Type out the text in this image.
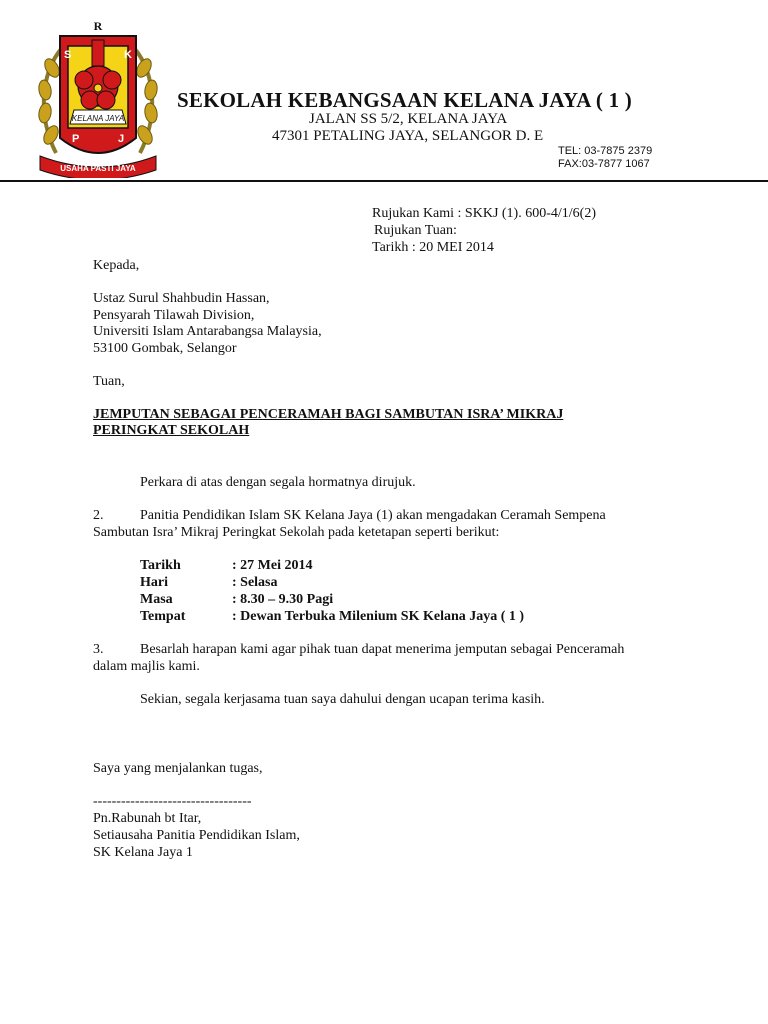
R
S	K
KELANA JAYA
P	J
USAHA PASTI JAYA
SEKOLAH KEBANGSAAN KELANA JAYA ( 1 )
JALAN SS 5/2, KELANA JAYA
47301 PETALING JAYA, SELANGOR D. E
TEL: 03-7875 2379
FAX:03-7877 1067
Rujukan Kami : SKKJ (1). 600-4/1/6(2)
Rujukan Tuan:
Tarikh : 20 MEI 2014
Kepada,
Ustaz Surul Shahbudin Hassan,
Pensyarah Tilawah Division,
Universiti Islam Antarabangsa Malaysia,
53100 Gombak, Selangor
Tuan,
JEMPUTAN SEBAGAI PENCERAMAH BAGI SAMBUTAN ISRA’ MIKRAJ
PERINGKAT SEKOLAH
Perkara di atas dengan segala hormatnya dirujuk.
2.	Panitia Pendidikan Islam SK Kelana Jaya (1) akan mengadakan Ceramah Sempena
Sambutan Isra’ Mikraj Peringkat Sekolah pada ketetapan seperti berikut:
Tarikh	: 27 Mei 2014
Hari	: Selasa
Masa	: 8.30 – 9.30 Pagi
Tempat	: Dewan Terbuka Milenium SK Kelana Jaya ( 1 )
3.	Besarlah harapan kami agar pihak tuan dapat menerima jemputan sebagai Penceramah
dalam majlis kami.
Sekian, segala kerjasama tuan saya dahului dengan ucapan terima kasih.
Saya yang menjalankan tugas,
----------------------------------
Pn.Rabunah bt Itar,
Setiausaha Panitia Pendidikan Islam,
SK Kelana Jaya 1
